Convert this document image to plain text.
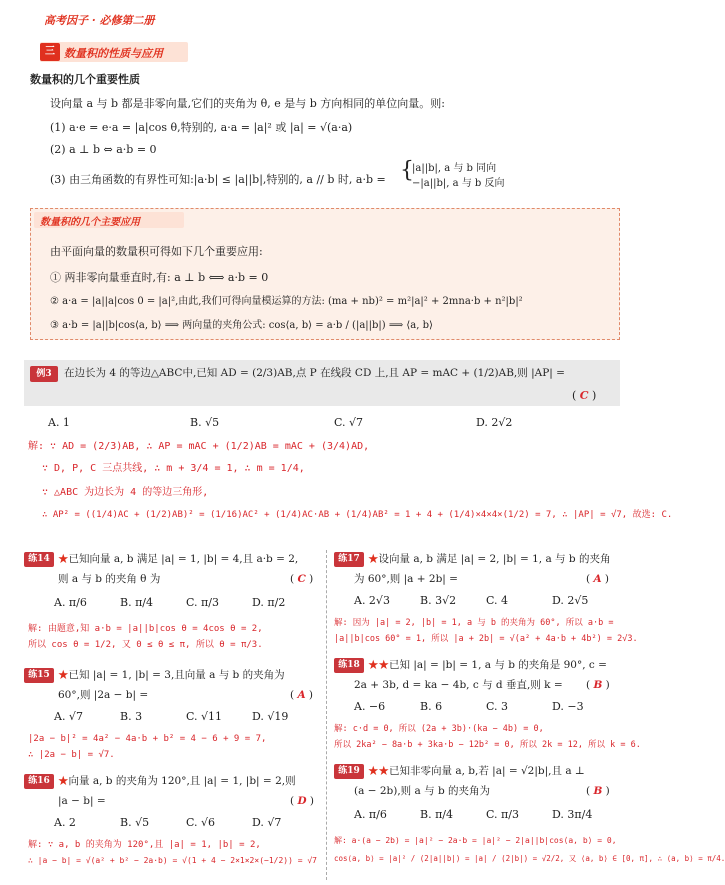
高考因子 · 必修第二册
三 数量积的性质与应用
数量积的几个重要性质
设向量 a 与 b 都是非零向量,它们的夹角为 θ, e 是与 b 方向相同的单位向量。则:
(1) a·e = e·a = |a|cos θ,特别的, a·a = |a|² 或 |a| = √(a·a)
(2) a ⊥ b ⇔ a·b = 0
(3) 由三角函数的有界性可知:|a·b| ≤ |a||b|,特别的, a // b 时, a·b = {
|a||b|, a 与 b 同向
−|a||b|, a 与 b 反向
数量积的几个主要应用
由平面向量的数量积可得如下几个重要应用:
① 两非零向量垂直时,有: a ⊥ b ⟺ a·b = 0
② a·a = |a||a|cos 0 = |a|²,由此,我们可得向量模运算的方法: (ma + nb)² = m²|a|² + 2mna·b + n²|b|²
③ a·b = |a||b|cos⟨a, b⟩ ⟹ 两向量的夹角公式: cos⟨a, b⟩ = a·b / (|a||b|) ⟹ ⟨a, b⟩
例3	在边长为 4 的等边△ABC中,已知 AD = (2/3)AB,点 P 在线段 CD 上,且 AP = mAC + (1/2)AB,则 |AP| =
( C )
A. 1	B. √5	C. √7	D. 2√2
解: ∵ AD = (2/3)AB, ∴ AP = mAC + (1/2)AB = mAC + (3/4)AD,
∵ D, P, C 三点共线, ∴ m + 3/4 = 1, ∴ m = 1/4,
∵ △ABC 为边长为 4 的等边三角形,
∴ AP² = ((1/4)AC + (1/2)AB)² = (1/16)AC² + (1/4)AC·AB + (1/4)AB² = 1 + 4 + (1/4)×4×4×(1/2) = 7, ∴ |AP| = √7, 故选: C.
练14 ★已知向量 a, b 满足 |a| = 1, |b| = 4,且 a·b = 2,
则 a 与 b 的夹角 θ 为	( C )
A. π/6	B. π/4	C. π/3	D. π/2
解: 由题意,知 a·b = |a||b|cos θ = 4cos θ = 2,
所以 cos θ = 1/2, 又 0 ≤ θ ≤ π, 所以 θ = π/3.
练15 ★已知 |a| = 1, |b| = 3,且向量 a 与 b 的夹角为
60°,则 |2a − b| =	( A )
A. √7	B. 3	C. √11	D. √19
|2a − b|² = 4a² − 4a·b + b² = 4 − 6 + 9 = 7,
∴ |2a − b| = √7.
练16 ★向量 a, b 的夹角为 120°,且 |a| = 1, |b| = 2,则
|a − b| =	( D )
A. 2	B. √5	C. √6	D. √7
解: ∵ a, b 的夹角为 120°,且 |a| = 1, |b| = 2,
∴ |a − b| = √(a² + b² − 2a·b) = √(1 + 4 − 2×1×2×(−1/2)) = √7
练17 ★设向量 a, b 满足 |a| = 2, |b| = 1, a 与 b 的夹角
为 60°,则 |a + 2b| =	( A )
A. 2√3	B. 3√2	C. 4	D. 2√5
解: 因为 |a| = 2, |b| = 1, a 与 b 的夹角为 60°, 所以 a·b =
|a||b|cos 60° = 1, 所以 |a + 2b| = √(a² + 4a·b + 4b²) = 2√3.
练18 ★★已知 |a| = |b| = 1, a 与 b 的夹角是 90°, c =
2a + 3b, d = ka − 4b, c 与 d 垂直,则 k = ( B )
A. −6	B. 6	C. 3	D. −3
解: c·d = 0, 所以 (2a + 3b)·(ka − 4b) = 0,
所以 2ka² − 8a·b + 3ka·b − 12b² = 0, 所以 2k = 12, 所以 k = 6.
练19 ★★已知非零向量 a, b,若 |a| = √2|b|,且 a ⊥
(a − 2b),则 a 与 b 的夹角为	( B )
A. π/6	B. π/4	C. π/3	D. 3π/4
解: a·(a − 2b) = |a|² − 2a·b = |a|² − 2|a||b|cos⟨a, b⟩ = 0,
cos⟨a, b⟩ = |a|² / (2|a||b|) = |a| / (2|b|) = √2/2, 又 ⟨a, b⟩ ∈ [0, π], ∴ ⟨a, b⟩ = π/4.
